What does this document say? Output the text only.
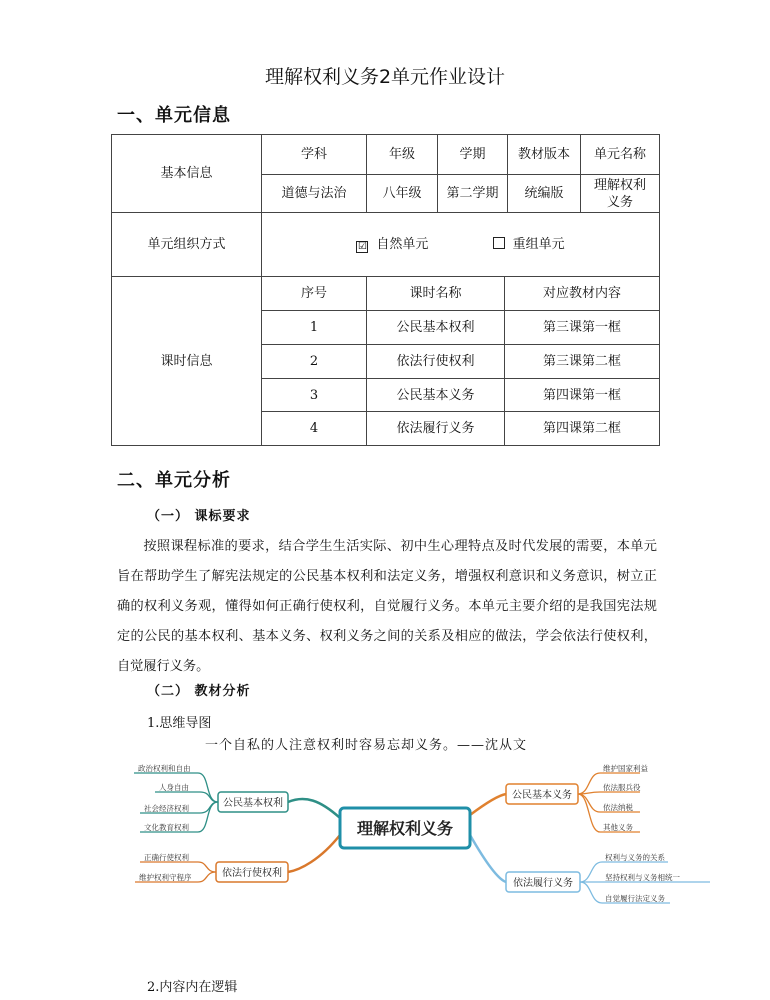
理解权利义务2单元作业设计
一、单元信息
基本信息	学科	年级	学期		教材版本	单元名称
	道德与法治	八年级	第二学期		统编版	理解权利义务
单元组织方式	☑ 自然单元 重组单元					
课时信息	序号	课时名称		对应教材内容		
	1	公民基本权利		第三课第一框		
	2	依法行使权利		第三课第二框		
	3	公民基本义务		第四课第一框		
	4	依法履行义务		第四课第二框		
二、单元分析
（一） 课标要求

按照课程标准的要求，结合学生生活实际、初中生心理特点及时代发展的需要，本单元旨在帮助学生了解宪法规定的公民基本权利和法定义务，增强权利意识和义务意识，树立正确的权利义务观，懂得如何正确行使权利，自觉履行义务。本单元主要介绍的是我国宪法规定的公民的基本权利、基本义务、权利义务之间的关系及相应的做法，学会依法行使权利， 自觉履行义务。

（二） 教材分析
1.思维导图
一个自私的人注意权利时容易忘却义务。——沈从文
理解权利义务
公民基本权利
依法行使权利
公民基本义务
依法履行义务
政治权利和自由
人身自由
社会经济权利
文化教育权利
正确行使权利
维护权利守程序
维护国家利益
依法服兵役
依法纳税
其他义务
权利与义务的关系
坚持权利与义务相统一
自觉履行法定义务
2.内容内在逻辑
